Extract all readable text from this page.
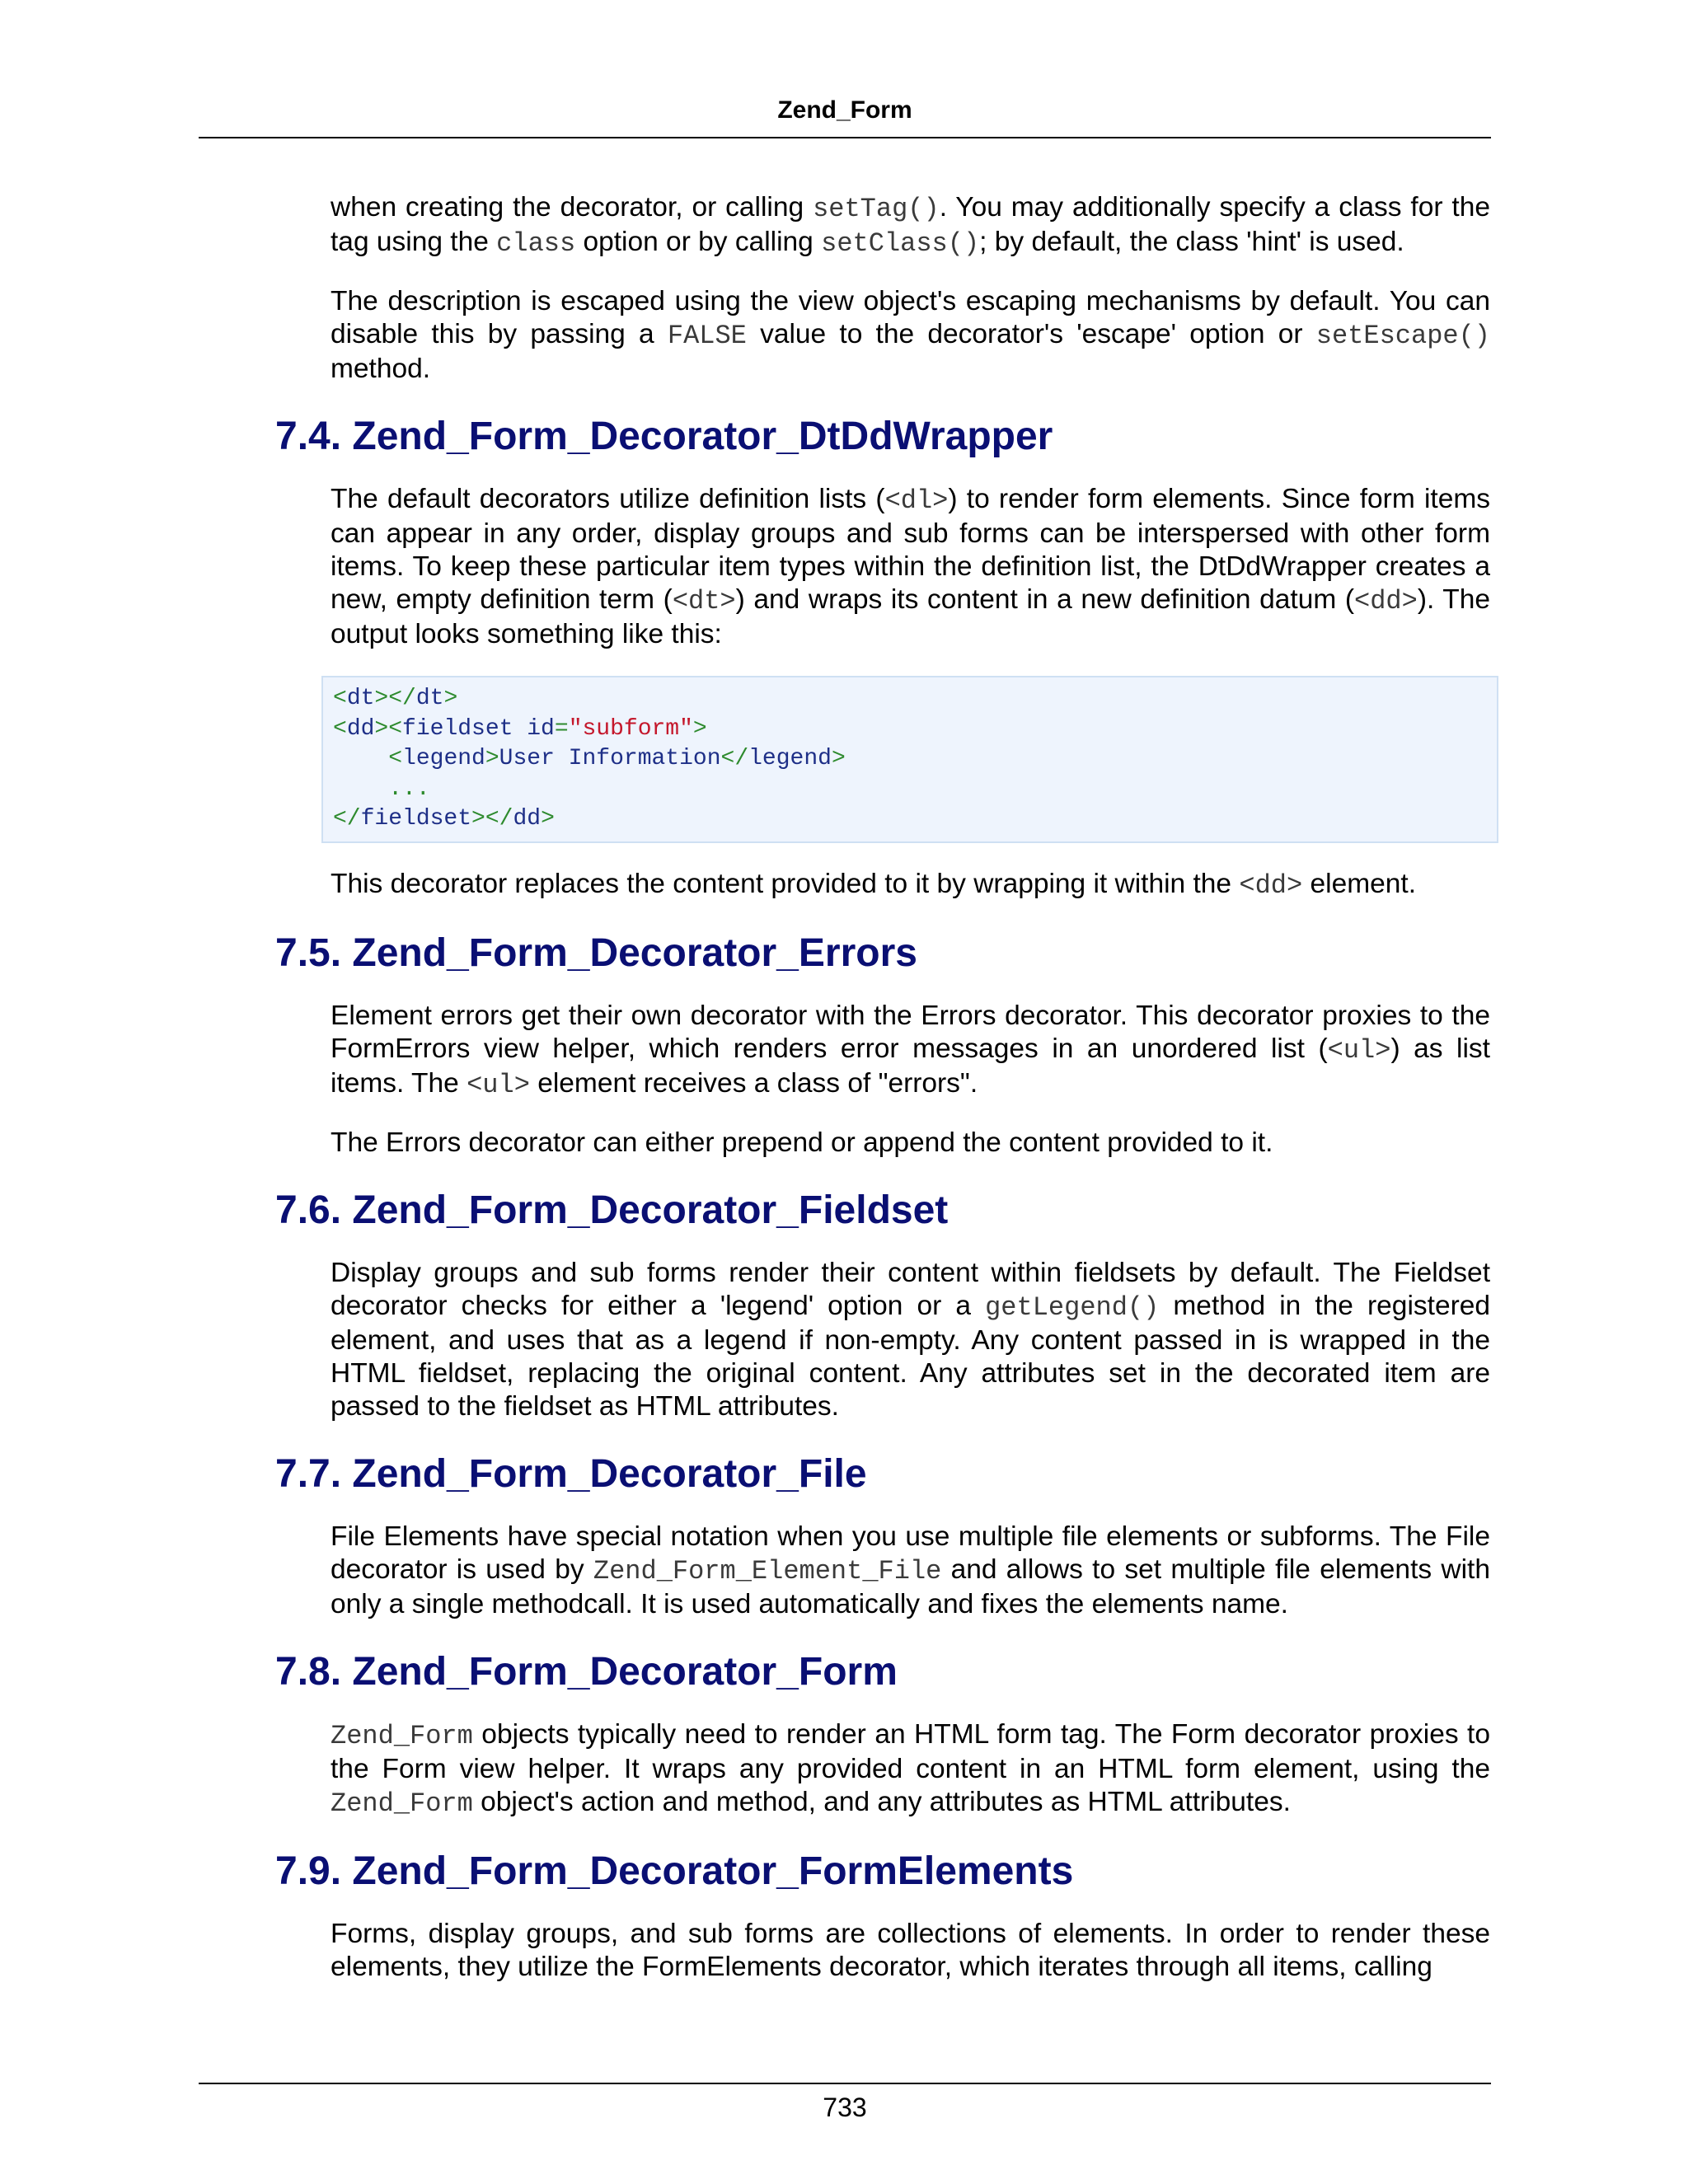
Zend_Form

when creating the decorator, or calling setTag(). You may additionally specify a class for the tag using the class option or by calling setClass(); by default, the class 'hint' is used.

The description is escaped using the view object's escaping mechanisms by default. You can disable this by passing a FALSE value to the decorator's 'escape' option or setEscape() method.

7.4. Zend_Form_Decorator_DtDdWrapper

The default decorators utilize definition lists (<dl>) to render form elements. Since form items can appear in any order, display groups and sub forms can be interspersed with other form items. To keep these particular item types within the definition list, the DtDdWrapper creates a new, empty definition term (<dt>) and wraps its content in a new definition datum (<dd>). The output looks something like this:

<dt></dt>
<dd><fieldset id="subform">
<legend>User Information</legend>
...
</fieldset></dd>

This decorator replaces the content provided to it by wrapping it within the <dd> element.

7.5. Zend_Form_Decorator_Errors

Element errors get their own decorator with the Errors decorator. This decorator proxies to the FormErrors view helper, which renders error messages in an unordered list (<ul>) as list items. The <ul> element receives a class of "errors".

The Errors decorator can either prepend or append the content provided to it.

7.6. Zend_Form_Decorator_Fieldset

Display groups and sub forms render their content within fieldsets by default. The Fieldset decorator checks for either a 'legend' option or a getLegend() method in the registered element, and uses that as a legend if non-empty. Any content passed in is wrapped in the HTML fieldset, replacing the original content. Any attributes set in the decorated item are passed to the fieldset as HTML attributes.

7.7. Zend_Form_Decorator_File

File Elements have special notation when you use multiple file elements or subforms. The File decorator is used by Zend_Form_Element_File and allows to set multiple file elements with only a single methodcall. It is used automatically and fixes the elements name.

7.8. Zend_Form_Decorator_Form

Zend_Form objects typically need to render an HTML form tag. The Form decorator proxies to the Form view helper. It wraps any provided content in an HTML form element, using the Zend_Form object's action and method, and any attributes as HTML attributes.

7.9. Zend_Form_Decorator_FormElements

Forms, display groups, and sub forms are collections of elements. In order to render these elements, they utilize the FormElements decorator, which iterates through all items, calling

733
